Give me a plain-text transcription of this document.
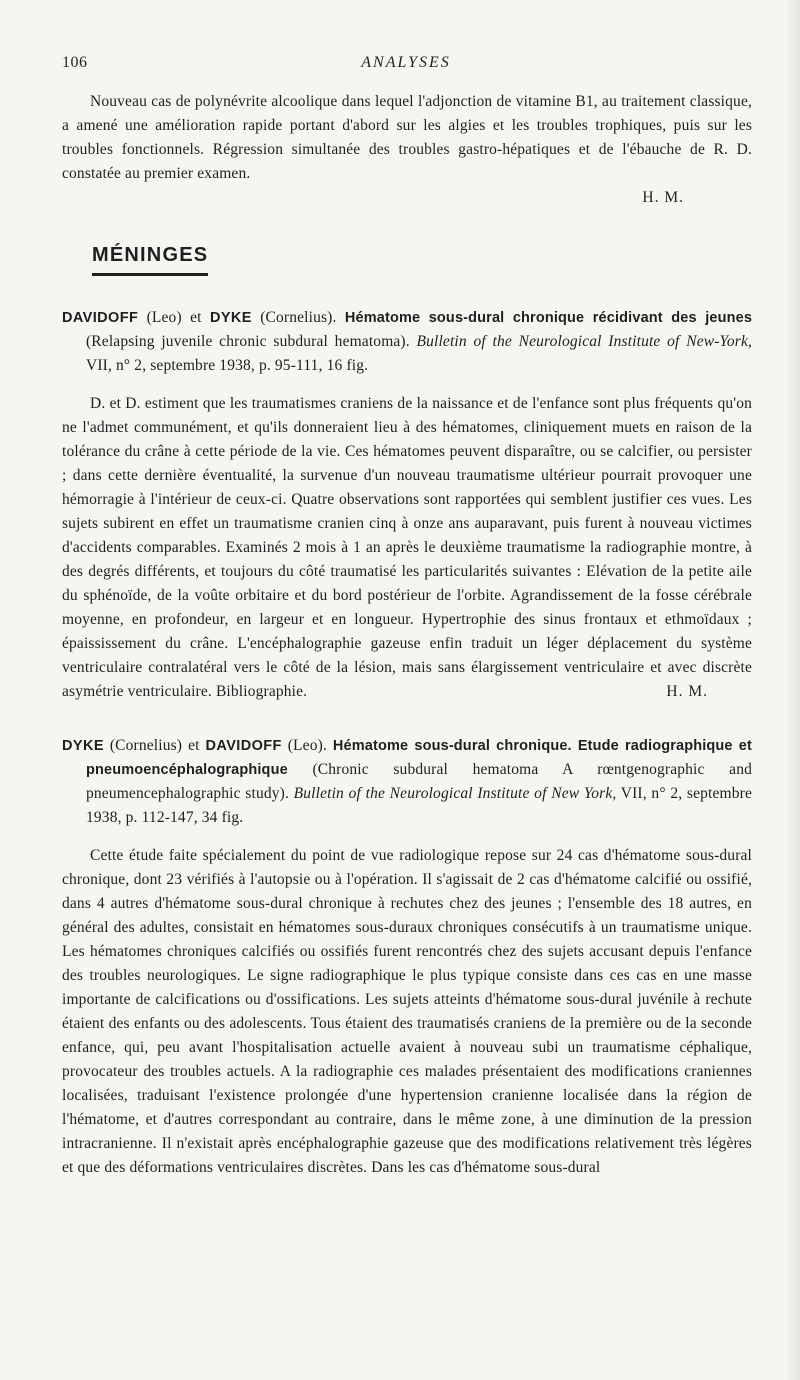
106	ANALYSES

Nouveau cas de polynévrite alcoolique dans lequel l'adjonction de vitamine B1, au traitement classique, a amené une amélioration rapide portant d'abord sur les algies et les troubles trophiques, puis sur les troubles fonctionnels. Régression simultanée des troubles gastro-hépatiques et de l'ébauche de R. D. constatée au premier examen.

H. M.
MÉNINGES

DAVIDOFF (Leo) et DYKE (Cornelius). Hématome sous-dural chronique récidivant des jeunes (Relapsing juvenile chronic subdural hematoma). Bulletin of the Neurological Institute of New-York, VII, n° 2, septembre 1938, p. 95-111, 16 fig.

D. et D. estiment que les traumatismes craniens de la naissance et de l'enfance sont plus fréquents qu'on ne l'admet communément, et qu'ils donneraient lieu à des hématomes, cliniquement muets en raison de la tolérance du crâne à cette période de la vie. Ces hématomes peuvent disparaître, ou se calcifier, ou persister ; dans cette dernière éventualité, la survenue d'un nouveau traumatisme ultérieur pourrait provoquer une hémorragie à l'intérieur de ceux-ci. Quatre observations sont rapportées qui semblent justifier ces vues. Les sujets subirent en effet un traumatisme cranien cinq à onze ans auparavant, puis furent à nouveau victimes d'accidents comparables. Examinés 2 mois à 1 an après le deuxième traumatisme la radiographie montre, à des degrés différents, et toujours du côté traumatisé les particularités suivantes : Elévation de la petite aile du sphénoïde, de la voûte orbitaire et du bord postérieur de l'orbite. Agrandissement de la fosse cérébrale moyenne, en profondeur, en largeur et en longueur. Hypertrophie des sinus frontaux et ethmoïdaux ; épaississement du crâne. L'encéphalographie gazeuse enfin traduit un léger déplacement du système ventriculaire contralatéral vers le côté de la lésion, mais sans élargissement ventriculaire et avec discrète asymétrie ventriculaire. Bibliographie.	H. M.

DYKE (Cornelius) et DAVIDOFF (Leo). Hématome sous-dural chronique. Etude radiographique et pneumoencéphalographique (Chronic subdural hematoma A rœntgenographic and pneumencephalographic study). Bulletin of the Neurological Institute of New York, VII, n° 2, septembre 1938, p. 112-147, 34 fig.

Cette étude faite spécialement du point de vue radiologique repose sur 24 cas d'hématome sous-dural chronique, dont 23 vérifiés à l'autopsie ou à l'opération. Il s'agissait de 2 cas d'hématome calcifié ou ossifié, dans 4 autres d'hématome sous-dural chronique à rechutes chez des jeunes ; l'ensemble des 18 autres, en général des adultes, consistait en hématomes sous-duraux chroniques consécutifs à un traumatisme unique. Les hématomes chroniques calcifiés ou ossifiés furent rencontrés chez des sujets accusant depuis l'enfance des troubles neurologiques. Le signe radiographique le plus typique consiste dans ces cas en une masse importante de calcifications ou d'ossifications. Les sujets atteints d'hématome sous-dural juvénile à rechute étaient des enfants ou des adolescents. Tous étaient des traumatisés craniens de la première ou de la seconde enfance, qui, peu avant l'hospitalisation actuelle avaient à nouveau subi un traumatisme céphalique, provocateur des troubles actuels. A la radiographie ces malades présentaient des modifications craniennes localisées, traduisant l'existence prolongée d'une hypertension cranienne localisée dans la région de l'hématome, et d'autres correspondant au contraire, dans le même zone, à une diminution de la pression intracranienne. Il n'existait après encéphalographie gazeuse que des modifications relativement très légères et que des déformations ventriculaires discrètes. Dans les cas d'hématome sous-dural
